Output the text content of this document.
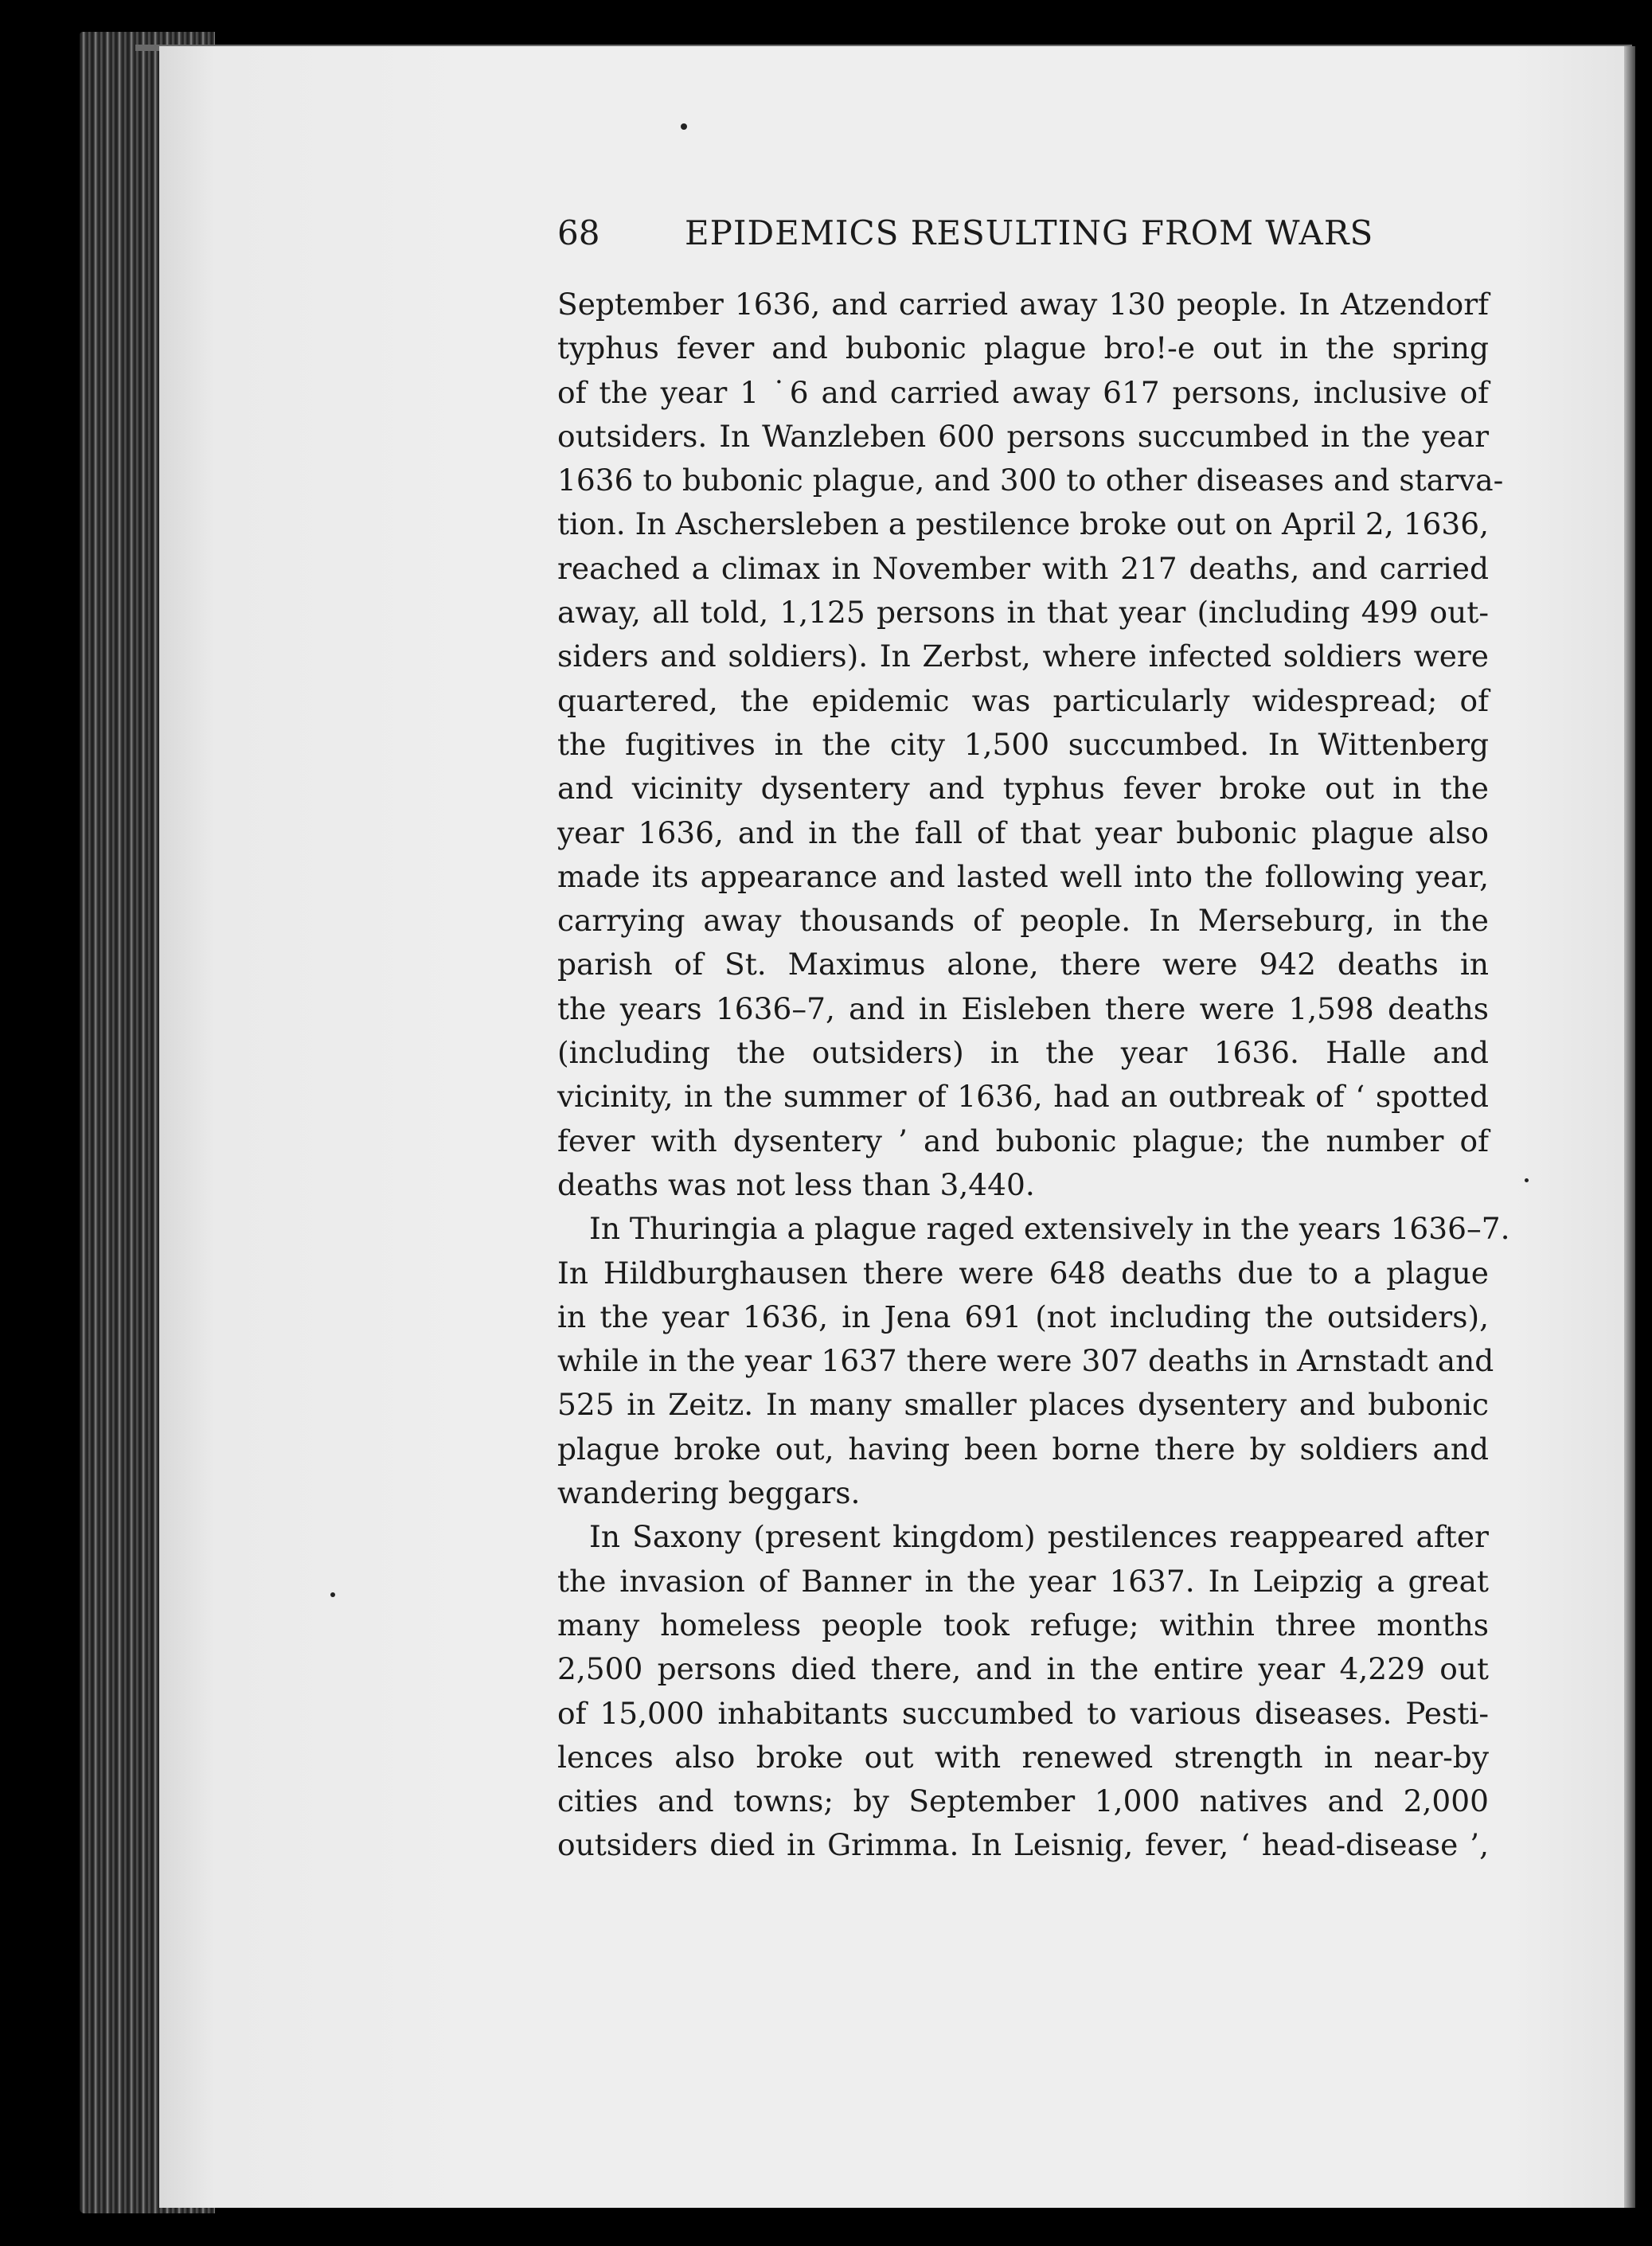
68	EPIDEMICS RESULTING FROM WARS
September 1636, and carried away 130 people. In Atzendorf
typhus fever and bubonic plague bro!-e out in the spring
of the year 1 ˙6 and carried away 617 persons, inclusive of
outsiders. In Wanzleben 600 persons succumbed in the year
1636 to bubonic plague, and 300 to other diseases and starva-
tion. In Aschersleben a pestilence broke out on April 2, 1636,
reached a climax in November with 217 deaths, and carried
away, all told, 1,125 persons in that year (including 499 out-
siders and soldiers). In Zerbst, where infected soldiers were
quartered, the epidemic was particularly widespread; of
the fugitives in the city 1,500 succumbed. In Wittenberg
and vicinity dysentery and typhus fever broke out in the
year 1636, and in the fall of that year bubonic plague also
made its appearance and lasted well into the following year,
carrying away thousands of people. In Merseburg, in the
parish of St. Maximus alone, there were 942 deaths in
the years 1636–7, and in Eisleben there were 1,598 deaths
(including the outsiders) in the year 1636. Halle and
vicinity, in the summer of 1636, had an outbreak of ‘ spotted
fever with dysentery ’ and bubonic plague; the number of
deaths was not less than 3,440.
In Thuringia a plague raged extensively in the years 1636–7.
In Hildburghausen there were 648 deaths due to a plague
in the year 1636, in Jena 691 (not including the outsiders),
while in the year 1637 there were 307 deaths in Arnstadt and
525 in Zeitz. In many smaller places dysentery and bubonic
plague broke out, having been borne there by soldiers and
wandering beggars.
In Saxony (present kingdom) pestilences reappeared after
the invasion of Banner in the year 1637. In Leipzig a great
many homeless people took refuge; within three months
2,500 persons died there, and in the entire year 4,229 out
of 15,000 inhabitants succumbed to various diseases. Pesti-
lences also broke out with renewed strength in near-by
cities and towns; by September 1,000 natives and 2,000
outsiders died in Grimma. In Leisnig, fever, ‘ head-disease ’,
